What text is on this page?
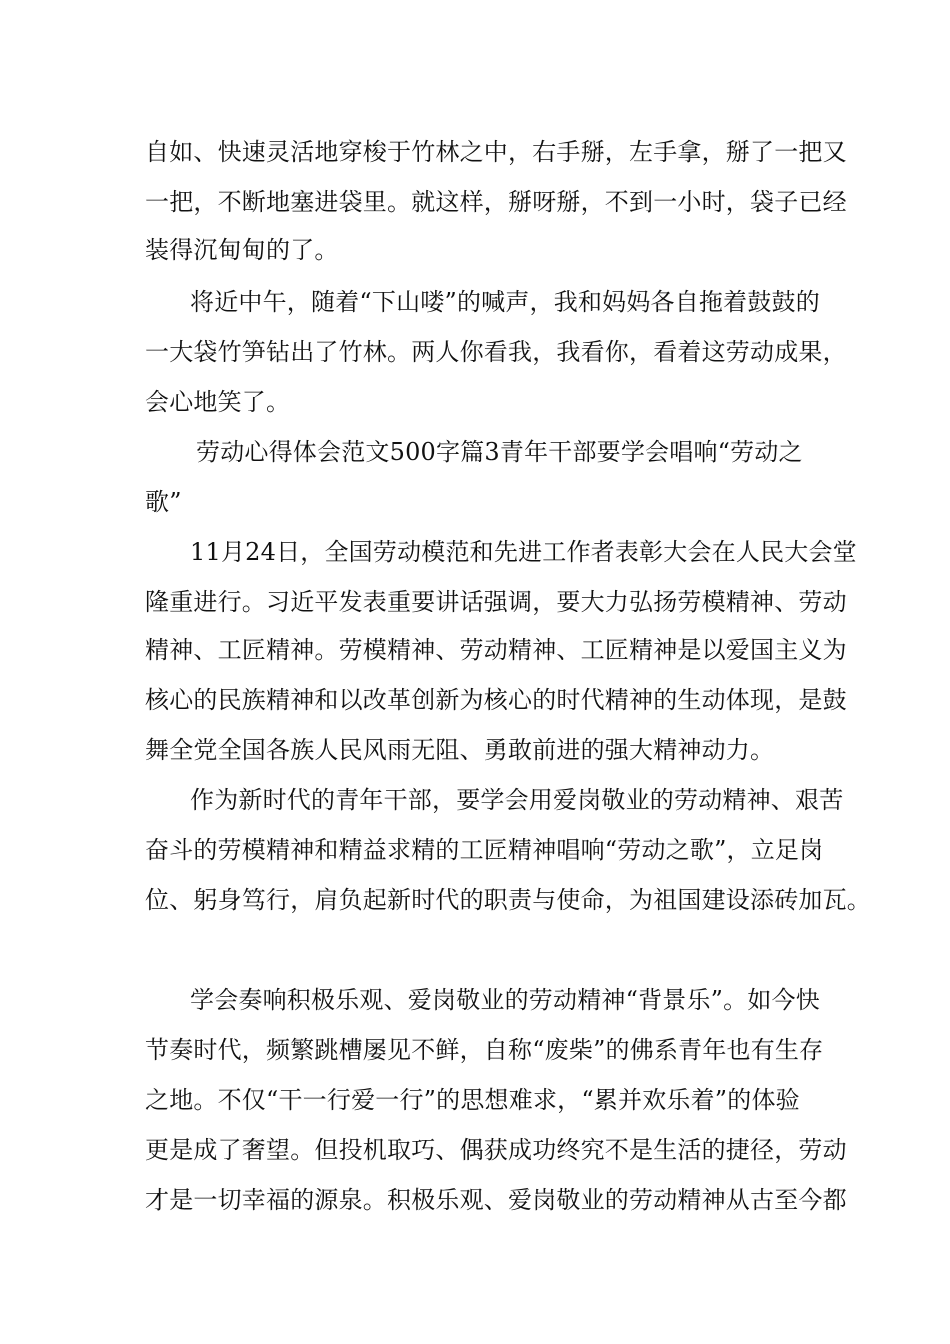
自如、快速灵活地穿梭于竹林之中，右手掰，左手拿，掰了一把又
一把，不断地塞进袋里。就这样，掰呀掰，不到一小时，袋子已经
装得沉甸甸的了。
将近中午，随着“下山喽”的喊声，我和妈妈各自拖着鼓鼓的
一大袋竹笋钻出了竹林。两人你看我，我看你，看着这劳动成果，
会心地笑了。
劳动心得体会范文500字篇3青年干部要学会唱响“劳动之
歌”
11月24日，全国劳动模范和先进工作者表彰大会在人民大会堂
隆重进行。习近平发表重要讲话强调，要大力弘扬劳模精神、劳动
精神、工匠精神。劳模精神、劳动精神、工匠精神是以爱国主义为
核心的民族精神和以改革创新为核心的时代精神的生动体现，是鼓
舞全党全国各族人民风雨无阻、勇敢前进的强大精神动力。
作为新时代的青年干部，要学会用爱岗敬业的劳动精神、艰苦
奋斗的劳模精神和精益求精的工匠精神唱响“劳动之歌”，立足岗
位、躬身笃行，肩负起新时代的职责与使命，为祖国建设添砖加瓦。
学会奏响积极乐观、爱岗敬业的劳动精神“背景乐”。如今快
节奏时代，频繁跳槽屡见不鲜，自称“废柴”的佛系青年也有生存
之地。不仅“干一行爱一行”的思想难求，“累并欢乐着”的体验
更是成了奢望。但投机取巧、偶获成功终究不是生活的捷径，劳动
才是一切幸福的源泉。积极乐观、爱岗敬业的劳动精神从古至今都
